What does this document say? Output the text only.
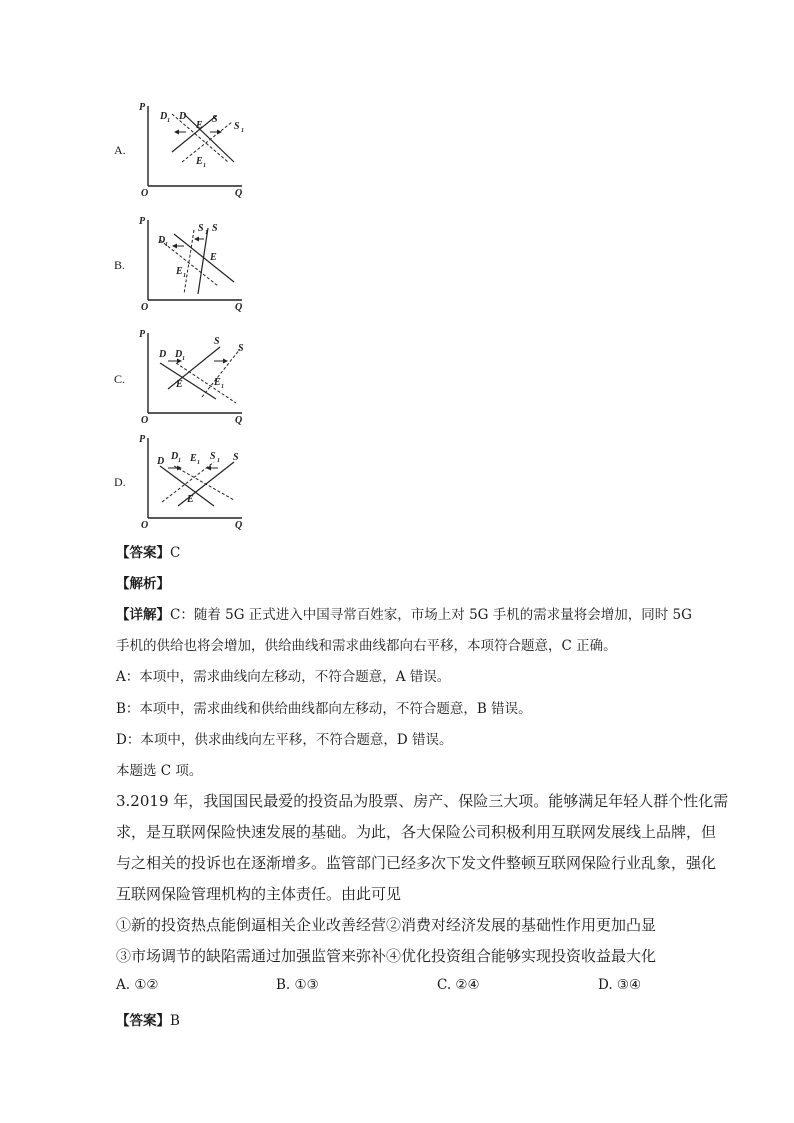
A.
P
Q
O
D 1 D
E
S
S 1
E 1
B.
P
Q
O
D 1
S 1 S
E
E 1
C.
P
Q
O
D D 1
S
S
E	E 1
D.
P
Q
O
D D 1 E 1
S 1 S
E
【答案】C
【解析】
【详解】C：随着 5G 正式进入中国寻常百姓家，市场上对 5G 手机的需求量将会增加，同时 5G
手机的供给也将会增加，供给曲线和需求曲线都向右平移，本项符合题意，C 正确。
A：本项中，需求曲线向左移动，不符合题意，A 错误。
B：本项中，需求曲线和供给曲线都向左移动，不符合题意，B 错误。
D：本项中，供求曲线向左平移，不符合题意，D 错误。
本题选 C 项。
3.2019 年，我国国民最爱的投资品为股票、房产、保险三大项。能够满足年轻人群个性化需
求，是互联网保险快速发展的基础。为此，各大保险公司积极利用互联网发展线上品牌，但
与之相关的投诉也在逐渐增多。监管部门已经多次下发文件整顿互联网保险行业乱象，强化
互联网保险管理机构的主体责任。由此可见
①新的投资热点能倒逼相关企业改善经营②消费对经济发展的基础性作用更加凸显
③市场调节的缺陷需通过加强监管来弥补④优化投资组合能够实现投资收益最大化
A. ①②	B. ①③	C. ②④	D. ③④
【答案】B
